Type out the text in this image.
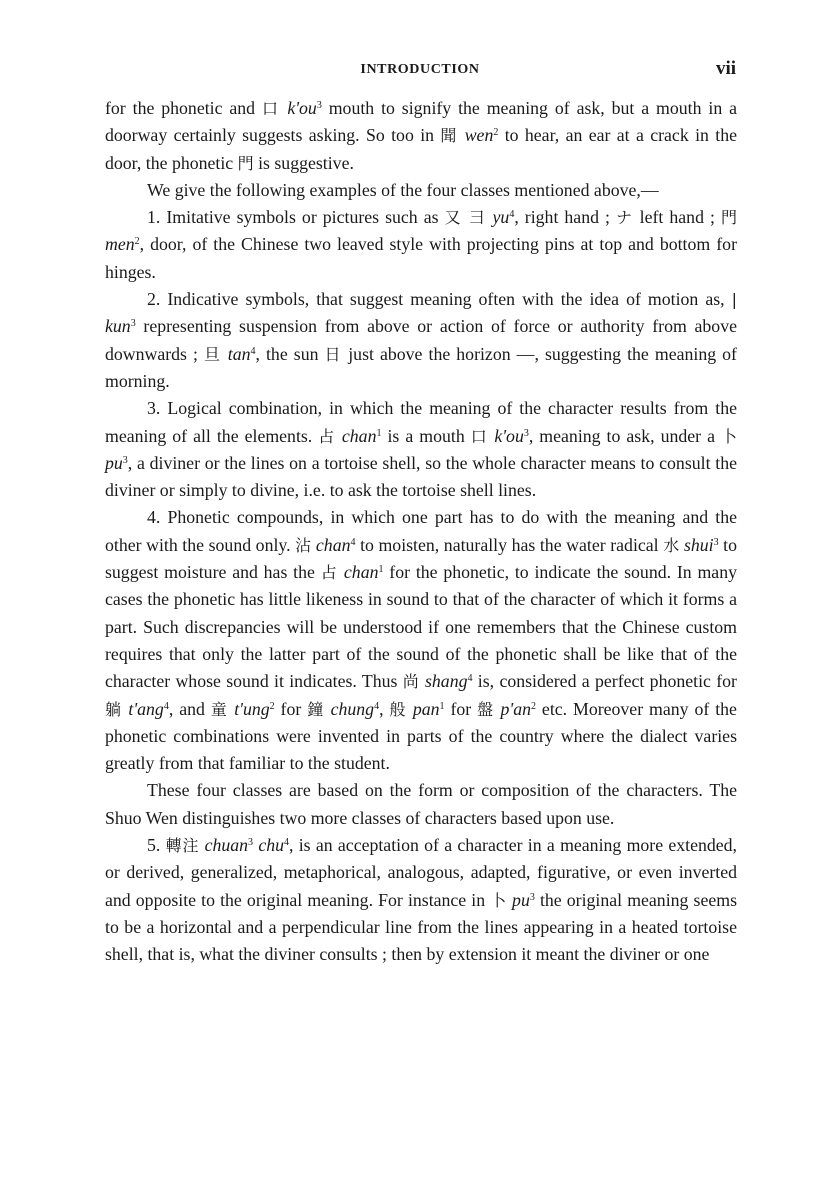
INTRODUCTION	vii

for the phonetic and 口 $k'ou^3$ mouth to signify the meaning of ask, but a mouth in a doorway certainly suggests asking. So too in 聞 wen$^2$ to hear, an ear at a crack in the door, the phonetic 門 is suggestive.

We give the following examples of the four classes mentioned above,—

1. Imitative symbols or pictures such as 又 ⺕ $yu^4$, right hand ; ナ left hand ; 門 men$^2$, door, of the Chinese two leaved style with projecting pins at top and bottom for hinges.

2. Indicative symbols, that suggest meaning often with the idea of motion as, | kun$^3$ representing suspension from above or action of force or authority from above downwards ; 旦 $\tan^4$, the sun 日 just above the horizon —, suggesting the meaning of morning.

3. Logical combination, in which the meaning of the character results from the meaning of all the elements. 占 chan$^1$ is a mouth 口 $k'ou^3$, meaning to ask, under a 卜 $pu^3$, a diviner or the lines on a tortoise shell, so the whole character means to consult the diviner or simply to divine, i.e. to ask the tortoise shell lines.

4. Phonetic compounds, in which one part has to do with the meaning and the other with the sound only. 沾 chan$^4$ to moisten, naturally has the water radical 水 shui$^3$ to suggest moisture and has the 占 chan$^1$ for the phonetic, to indicate the sound. In many cases the phonetic has little likeness in sound to that of the character of which it forms a part. Such discrepancies will be understood if one remembers that the Chinese custom requires that only the latter part of the sound of the phonetic shall be like that of the character whose sound it indicates. Thus 尚 shang$^4$ is, considered a perfect phonetic for 躺 t'ang$^4$, and 童 t'ung$^2$ for 鐘 chung$^4$, 般 pan$^1$ for 盤 $p'an^2$ etc. Moreover many of the phonetic combinations were invented in parts of the country where the dialect varies greatly from that familiar to the student.

These four classes are based on the form or composition of the characters. The Shuo Wen distinguishes two more classes of characters based upon use.

5. 轉注 chuan$^3$ chu$^4$, is an acceptation of a character in a meaning more extended, or derived, generalized, metaphorical, analogous, adapted, figurative, or even inverted and opposite to the original meaning. For instance in 卜 $pu^3$ the original meaning seems to be a horizontal and a perpendicular line from the lines appearing in a heated tortoise shell, that is, what the diviner consults ; then by extension it meant the diviner or one
